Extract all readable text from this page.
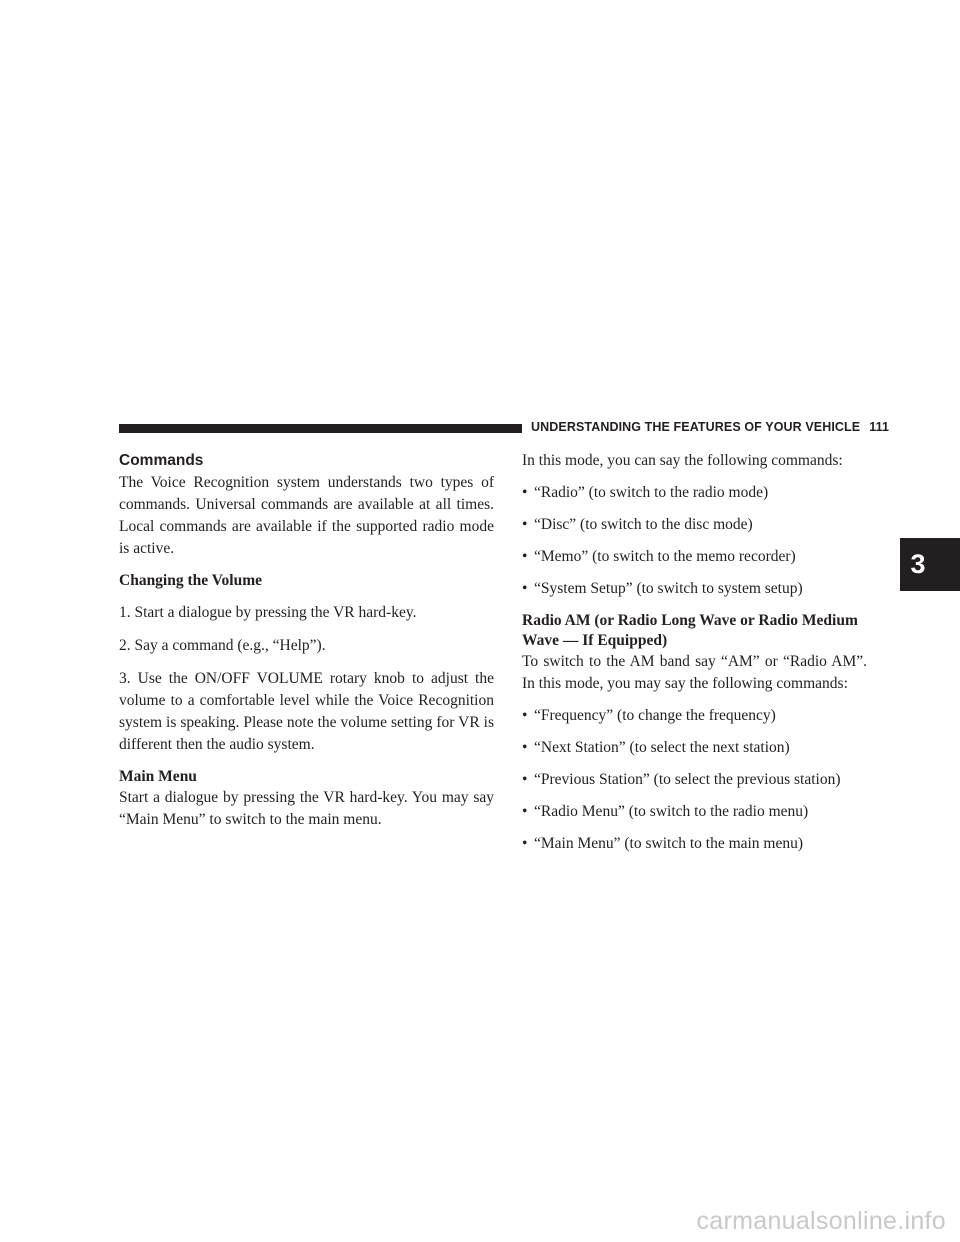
UNDERSTANDING THE FEATURES OF YOUR VEHICLE 111
Commands

The Voice Recognition system understands two types of commands. Universal commands are available at all times. Local commands are available if the supported radio mode is active.

Changing the Volume

1. Start a dialogue by pressing the VR hard-key.

2. Say a command (e.g., “Help”).

3. Use the ON/OFF VOLUME rotary knob to adjust the volume to a comfortable level while the Voice Recognition system is speaking. Please note the volume setting for VR is different then the audio system.

Main Menu

Start a dialogue by pressing the VR hard-key. You may say “Main Menu” to switch to the main menu.

In this mode, you can say the following commands:

• “Radio” (to switch to the radio mode)
• “Disc” (to switch to the disc mode)
• “Memo” (to switch to the memo recorder)
• “System Setup” (to switch to system setup)
Radio AM (or Radio Long Wave or Radio Medium Wave — If Equipped)

To switch to the AM band say “AM” or “Radio AM”. In this mode, you may say the following commands:

• “Frequency” (to change the frequency)
• “Next Station” (to select the next station)
• “Previous Station” (to select the previous station)
• “Radio Menu” (to switch to the radio menu)
• “Main Menu” (to switch to the main menu)
3
carmanualsonline.info
